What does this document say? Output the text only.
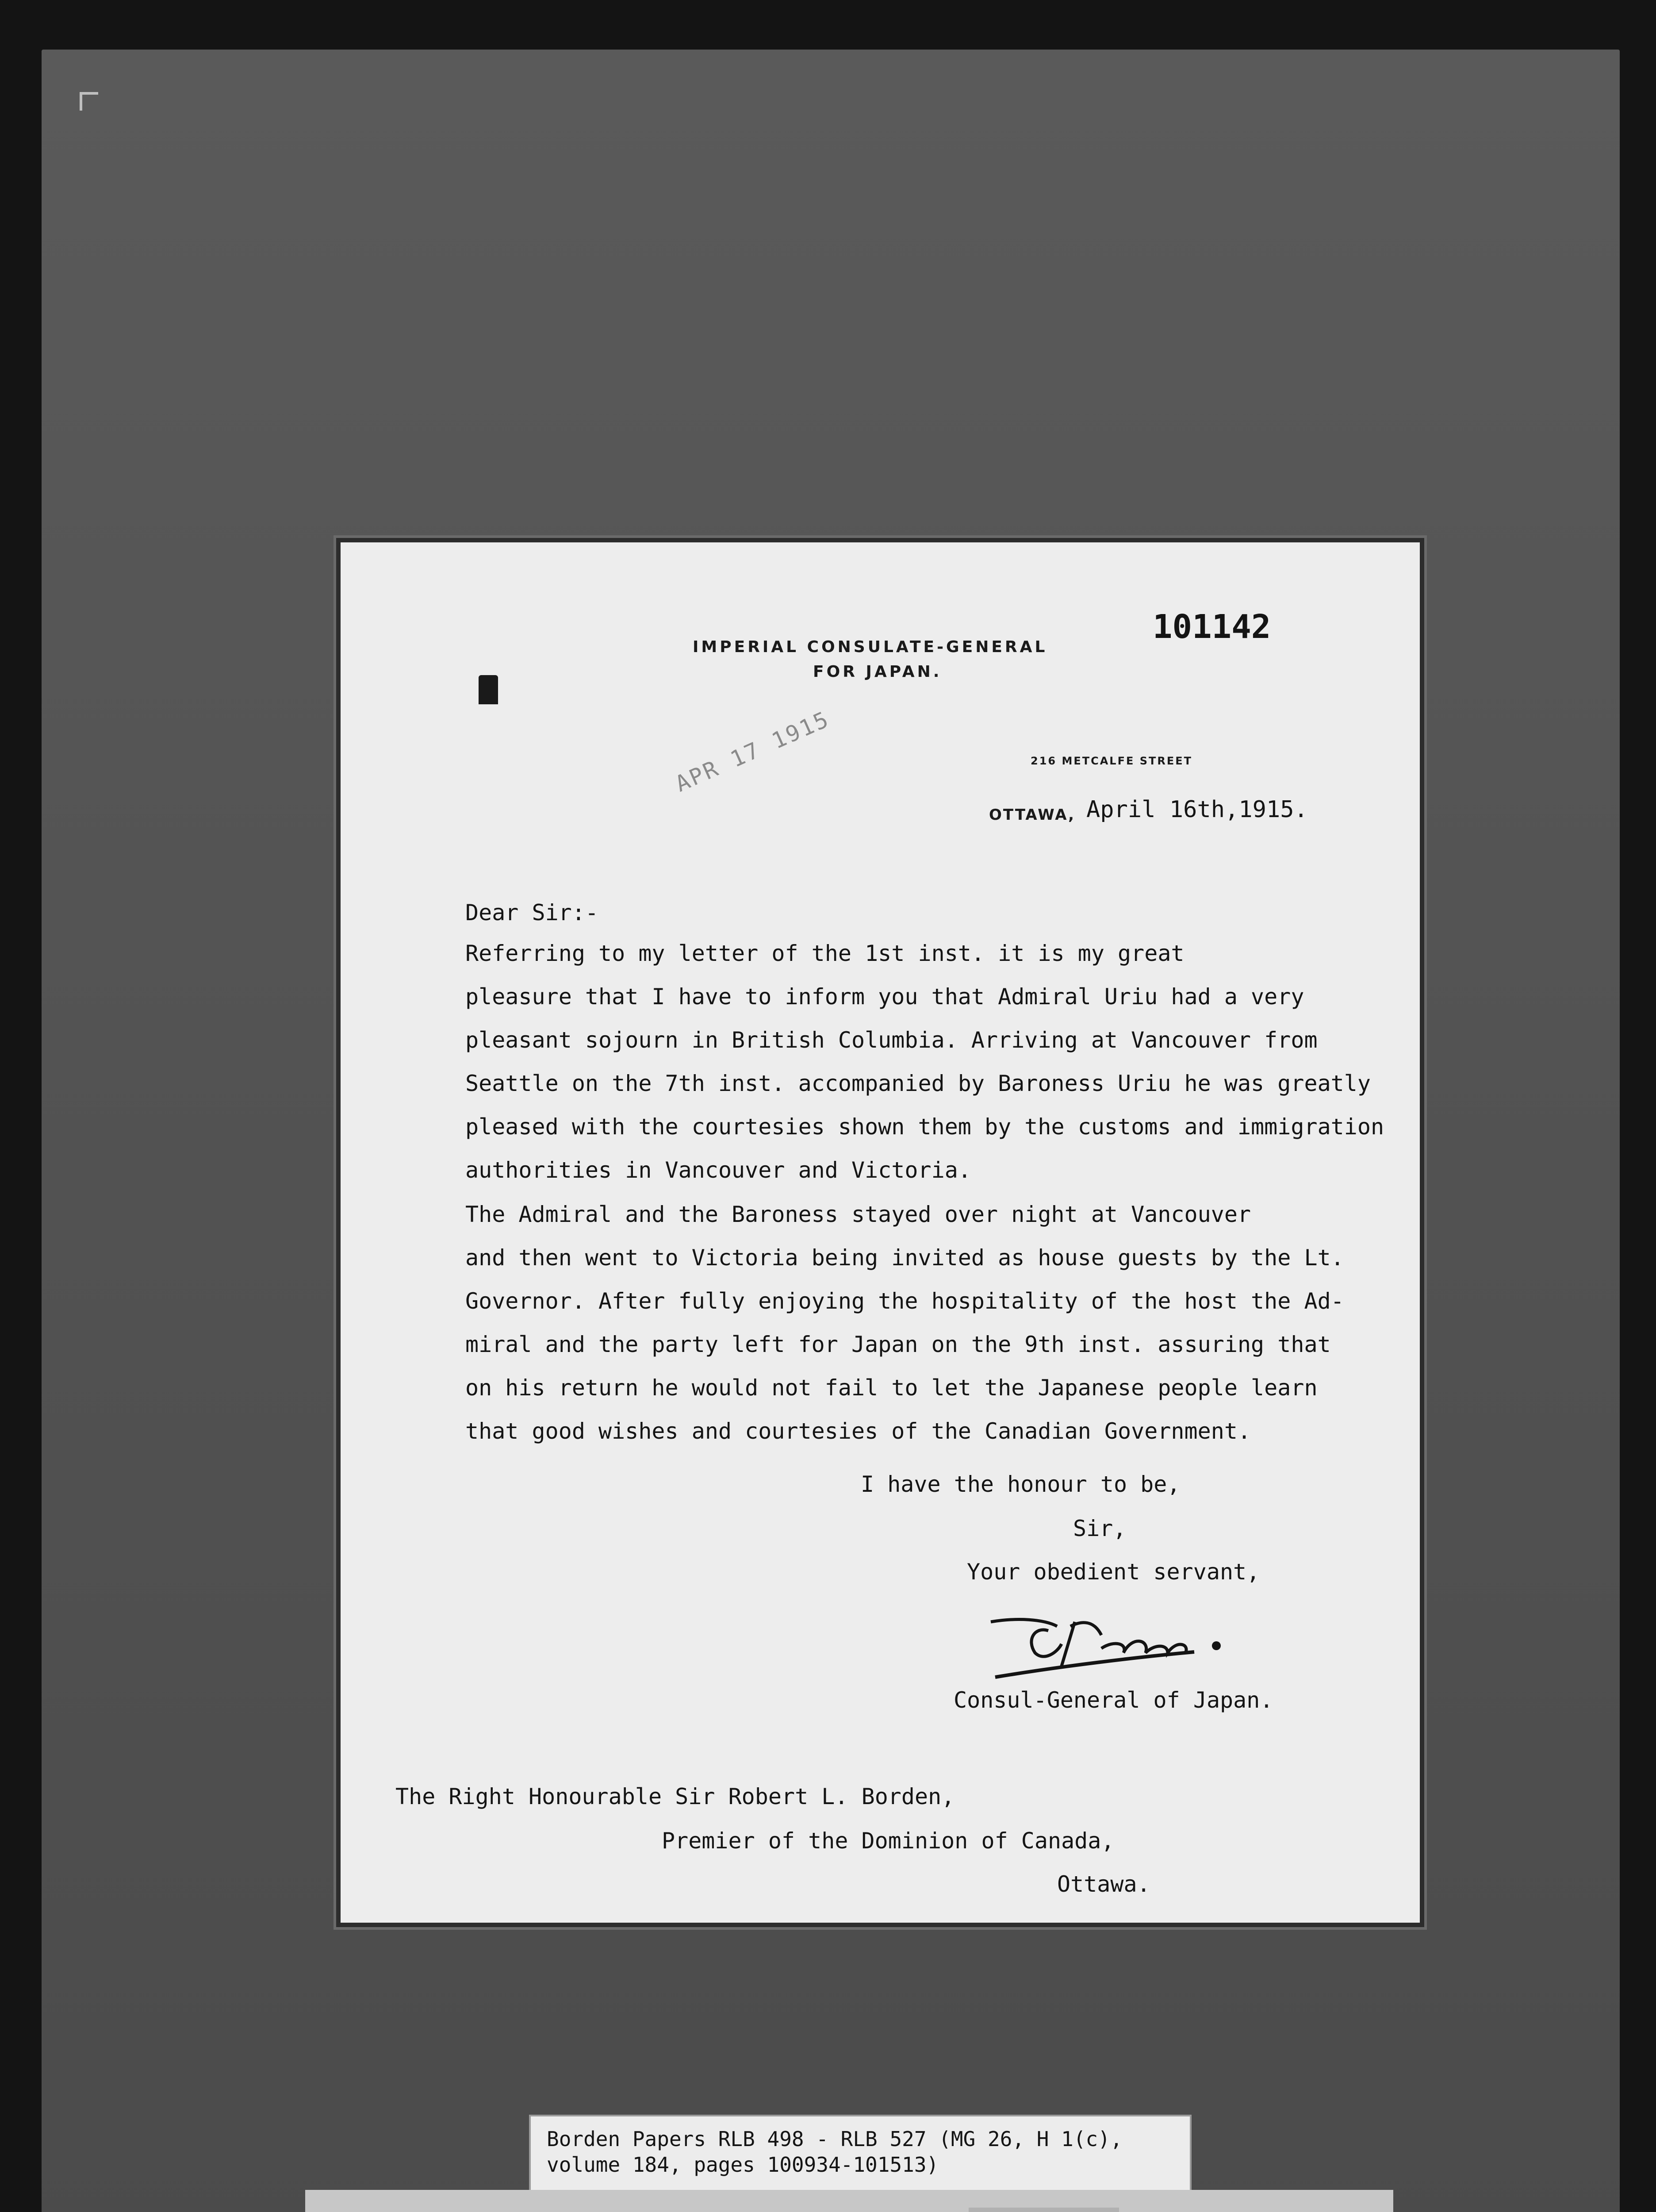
101142
IMPERIAL CONSULATE-GENERAL
FOR JAPAN.
216 METCALFE STREET
OTTAWA, April 16th,1915.
APR 17 1915
Dear Sir:-
Referring to my letter of the 1st inst. it is my great
pleasure that I have to inform you that Admiral Uriu had a very
pleasant sojourn in British Columbia. Arriving at Vancouver from
Seattle on the 7th inst. accompanied by Baroness Uriu he was greatly
pleased with the courtesies shown them by the customs and immigration
authorities in Vancouver and Victoria.
The Admiral and the Baroness stayed over night at Vancouver
and then went to Victoria being invited as house guests by the Lt.
Governor. After fully enjoying the hospitality of the host the Ad-
miral and the party left for Japan on the 9th inst. assuring that
on his return he would not fail to let the Japanese people learn
that good wishes and courtesies of the Canadian Government.
I have the honour to be,
Sir,
Your obedient servant,
Consul-General of Japan.
The Right Honourable Sir Robert L. Borden,
Premier of the Dominion of Canada,
Ottawa.
Borden Papers RLB 498 - RLB 527 (MG 26, H 1(c),
volume 184, pages 100934-101513)
